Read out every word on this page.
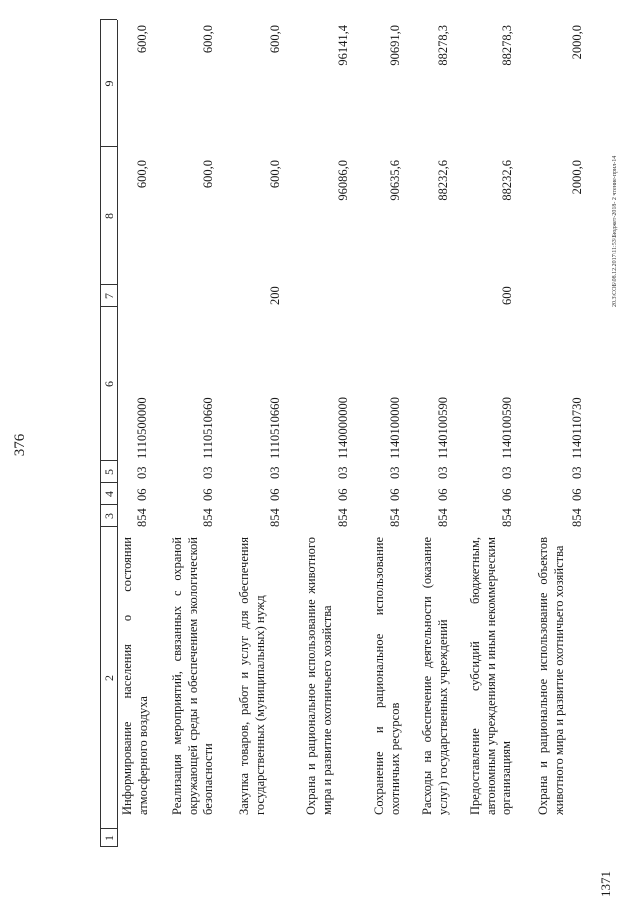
376
1
2
3
4
5
6
7
8
9
Информирование населения о состоянии атмосферного воздуха
854
06
03
1110500000
600,0
600,0
Реализация мероприятий, связанных с охраной окружающей среды и обеспечением экологической безопасности
854
06
03
1110510660
600,0
600,0
Закупка товаров, работ и услуг для обеспечения государственных (муниципальных) нужд
854
06
03
1110510660
200
600,0
600,0
Охрана и рациональное использование животного мира и развитие охотничьего хозяйства
854
06
03
1140000000
96086,0
96141,4
Сохранение и рациональное использование охотничьих ресурсов
854
06
03
1140100000
90635,6
90691,0
Расходы на обеспечение деятельности (оказание услуг) государственных учреждений
854
06
03
1140100590
88232,6
88278,3
Предоставление субсидий бюджетным, автономным учреждениям и иным некоммерческим организациям
854
06
03
1140100590
600
88232,6
88278,3
Охрана и рациональное использование объектов животного мира и развитие охотничьего хозяйства
854
06
03
1140110730
2000,0
2000,0
1371
20.3\СОБ\08.12.2017\11:53\Бюджет-2018- 2 чтение-прил-14
